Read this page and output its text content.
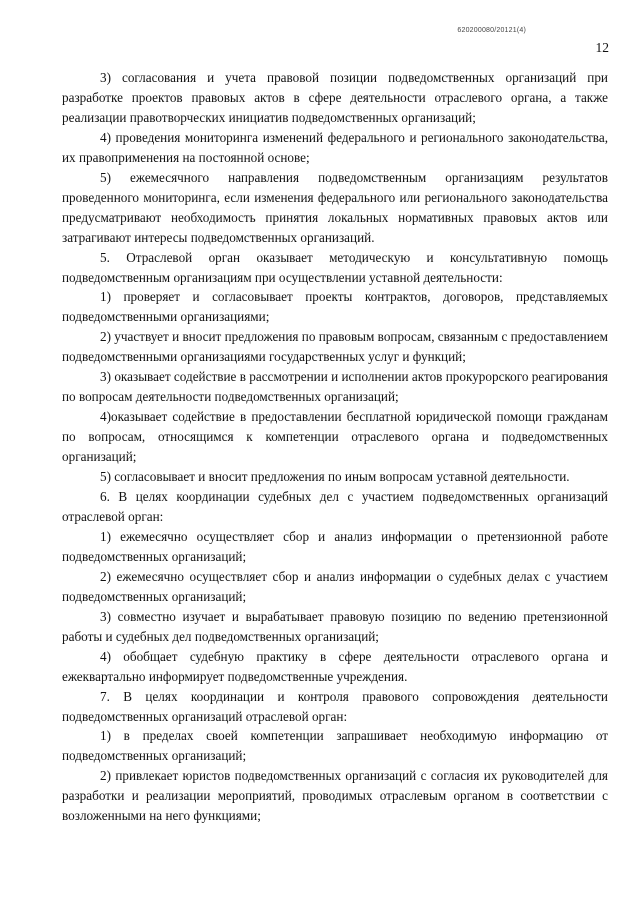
620200080/20121(4)
12

3) согласования и учета правовой позиции подведомственных организаций при разработке проектов правовых актов в сфере деятельности отраслевого органа, а также реализации правотворческих инициатив подведомственных организаций;

4) проведения мониторинга изменений федерального и регионального законодательства, их правоприменения на постоянной основе;

5) ежемесячного направления подведомственным организациям результатов проведенного мониторинга, если изменения федерального или регионального законодательства предусматривают необходимость принятия локальных нормативных правовых актов или затрагивают интересы подведомственных организаций.

5. Отраслевой орган оказывает методическую и консультативную помощь подведомственным организациям при осуществлении уставной деятельности:

1) проверяет и согласовывает проекты контрактов, договоров, представляемых подведомственными организациями;

2) участвует и вносит предложения по правовым вопросам, связанным с предоставлением подведомственными организациями государственных услуг и функций;

3) оказывает содействие в рассмотрении и исполнении актов прокурорского реагирования по вопросам деятельности подведомственных организаций;

4)оказывает содействие в предоставлении бесплатной юридической помощи гражданам по вопросам, относящимся к компетенции отраслевого органа и подведомственных организаций;

5) согласовывает и вносит предложения по иным вопросам уставной деятельности.

6. В целях координации судебных дел с участием подведомственных организаций отраслевой орган:

1) ежемесячно осуществляет сбор и анализ информации о претензионной работе подведомственных организаций;

2) ежемесячно осуществляет сбор и анализ информации о судебных делах с участием подведомственных организаций;

3) совместно изучает и вырабатывает правовую позицию по ведению претензионной работы и судебных дел подведомственных организаций;

4) обобщает судебную практику в сфере деятельности отраслевого органа и ежеквартально информирует подведомственные учреждения.

7. В целях координации и контроля правового сопровождения деятельности подведомственных организаций отраслевой орган:

1) в пределах своей компетенции запрашивает необходимую информацию от подведомственных организаций;

2) привлекает юристов подведомственных организаций с согласия их руководителей для разработки и реализации мероприятий, проводимых отраслевым органом в соответствии с возложенными на него функциями;
